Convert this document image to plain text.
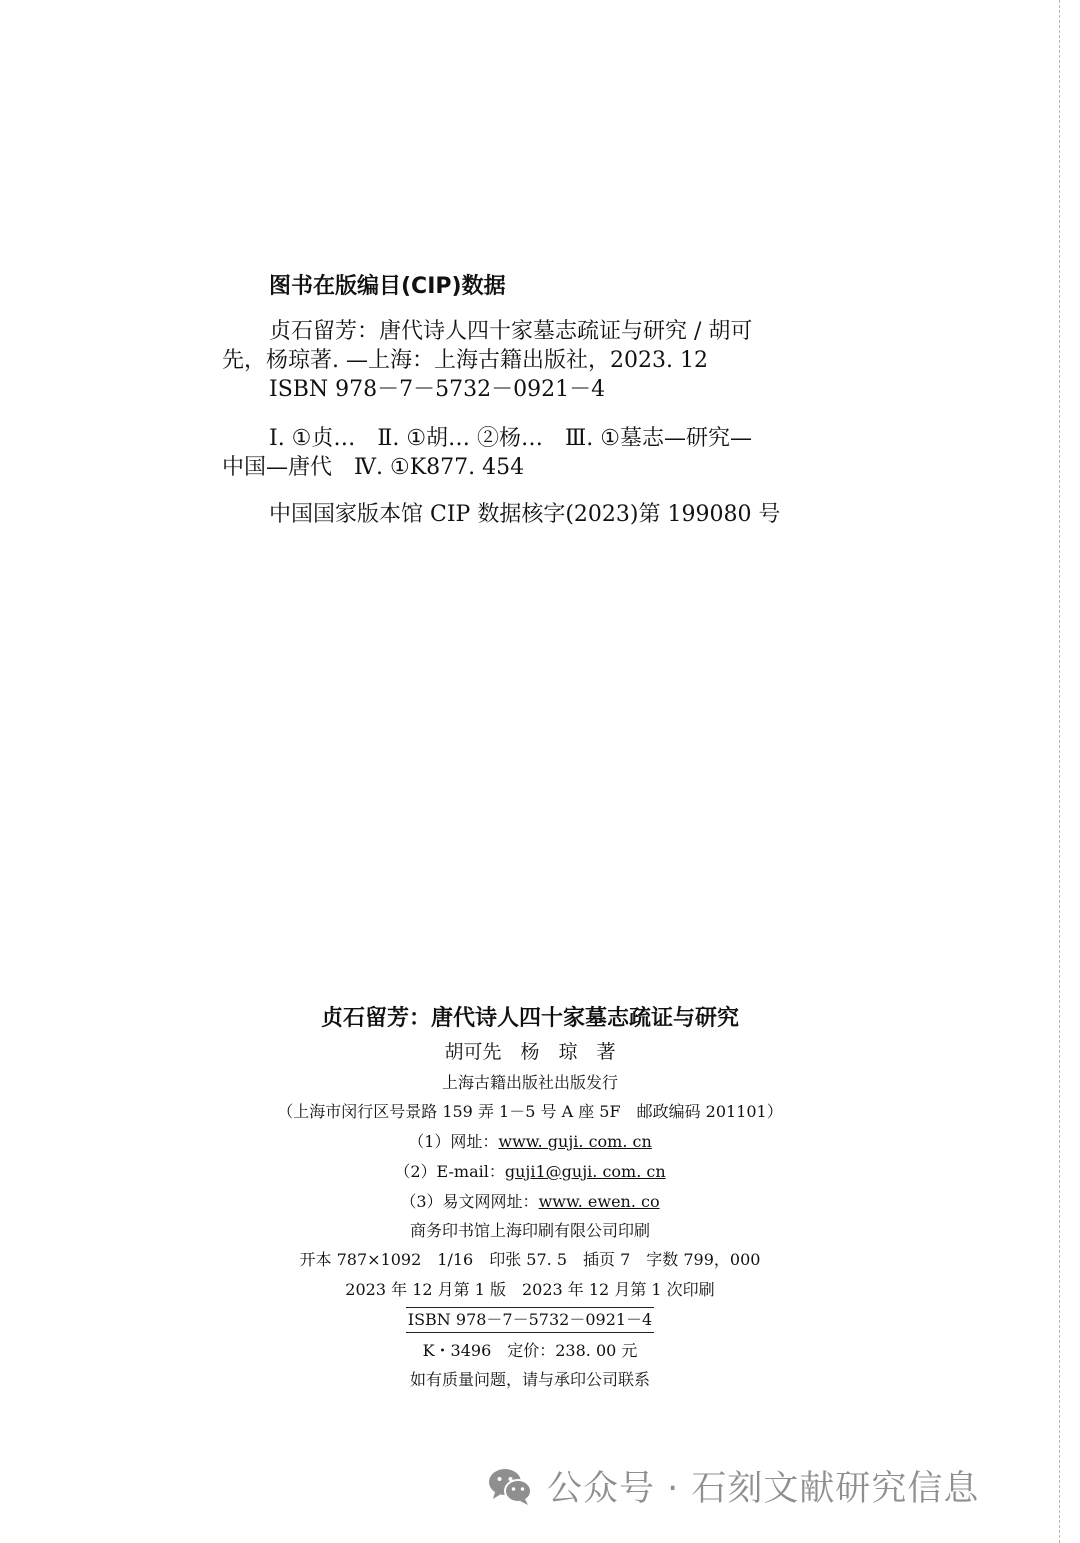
图书在版编目(CIP)数据
贞石留芳：唐代诗人四十家墓志疏证与研究 / 胡可
先，杨琼著. —上海：上海古籍出版社，2023. 12
ISBN 978－7－5732－0921－4
Ⅰ. ①贞…　Ⅱ. ①胡… ②杨…　Ⅲ. ①墓志—研究—
中国—唐代　Ⅳ. ①K877. 454
中国国家版本馆 CIP 数据核字(2023)第 199080 号
贞石留芳：唐代诗人四十家墓志疏证与研究
胡可先　杨　琼　著
上海古籍出版社出版发行
（上海市闵行区号景路 159 弄 1－5 号 A 座 5F　邮政编码 201101）
（1）网址：www. guji. com. cn
（2）E-mail：guji1@guji. com. cn
（3）易文网网址：www. ewen. co
商务印书馆上海印刷有限公司印刷
开本 787×1092　1/16　印张 57. 5　插页 7　字数 799，000
2023 年 12 月第 1 版　2023 年 12 月第 1 次印刷
ISBN 978－7－5732－0921－4
K・3496　定价：238. 00 元
如有质量问题，请与承印公司联系
公众号 · 石刻文献研究信息
